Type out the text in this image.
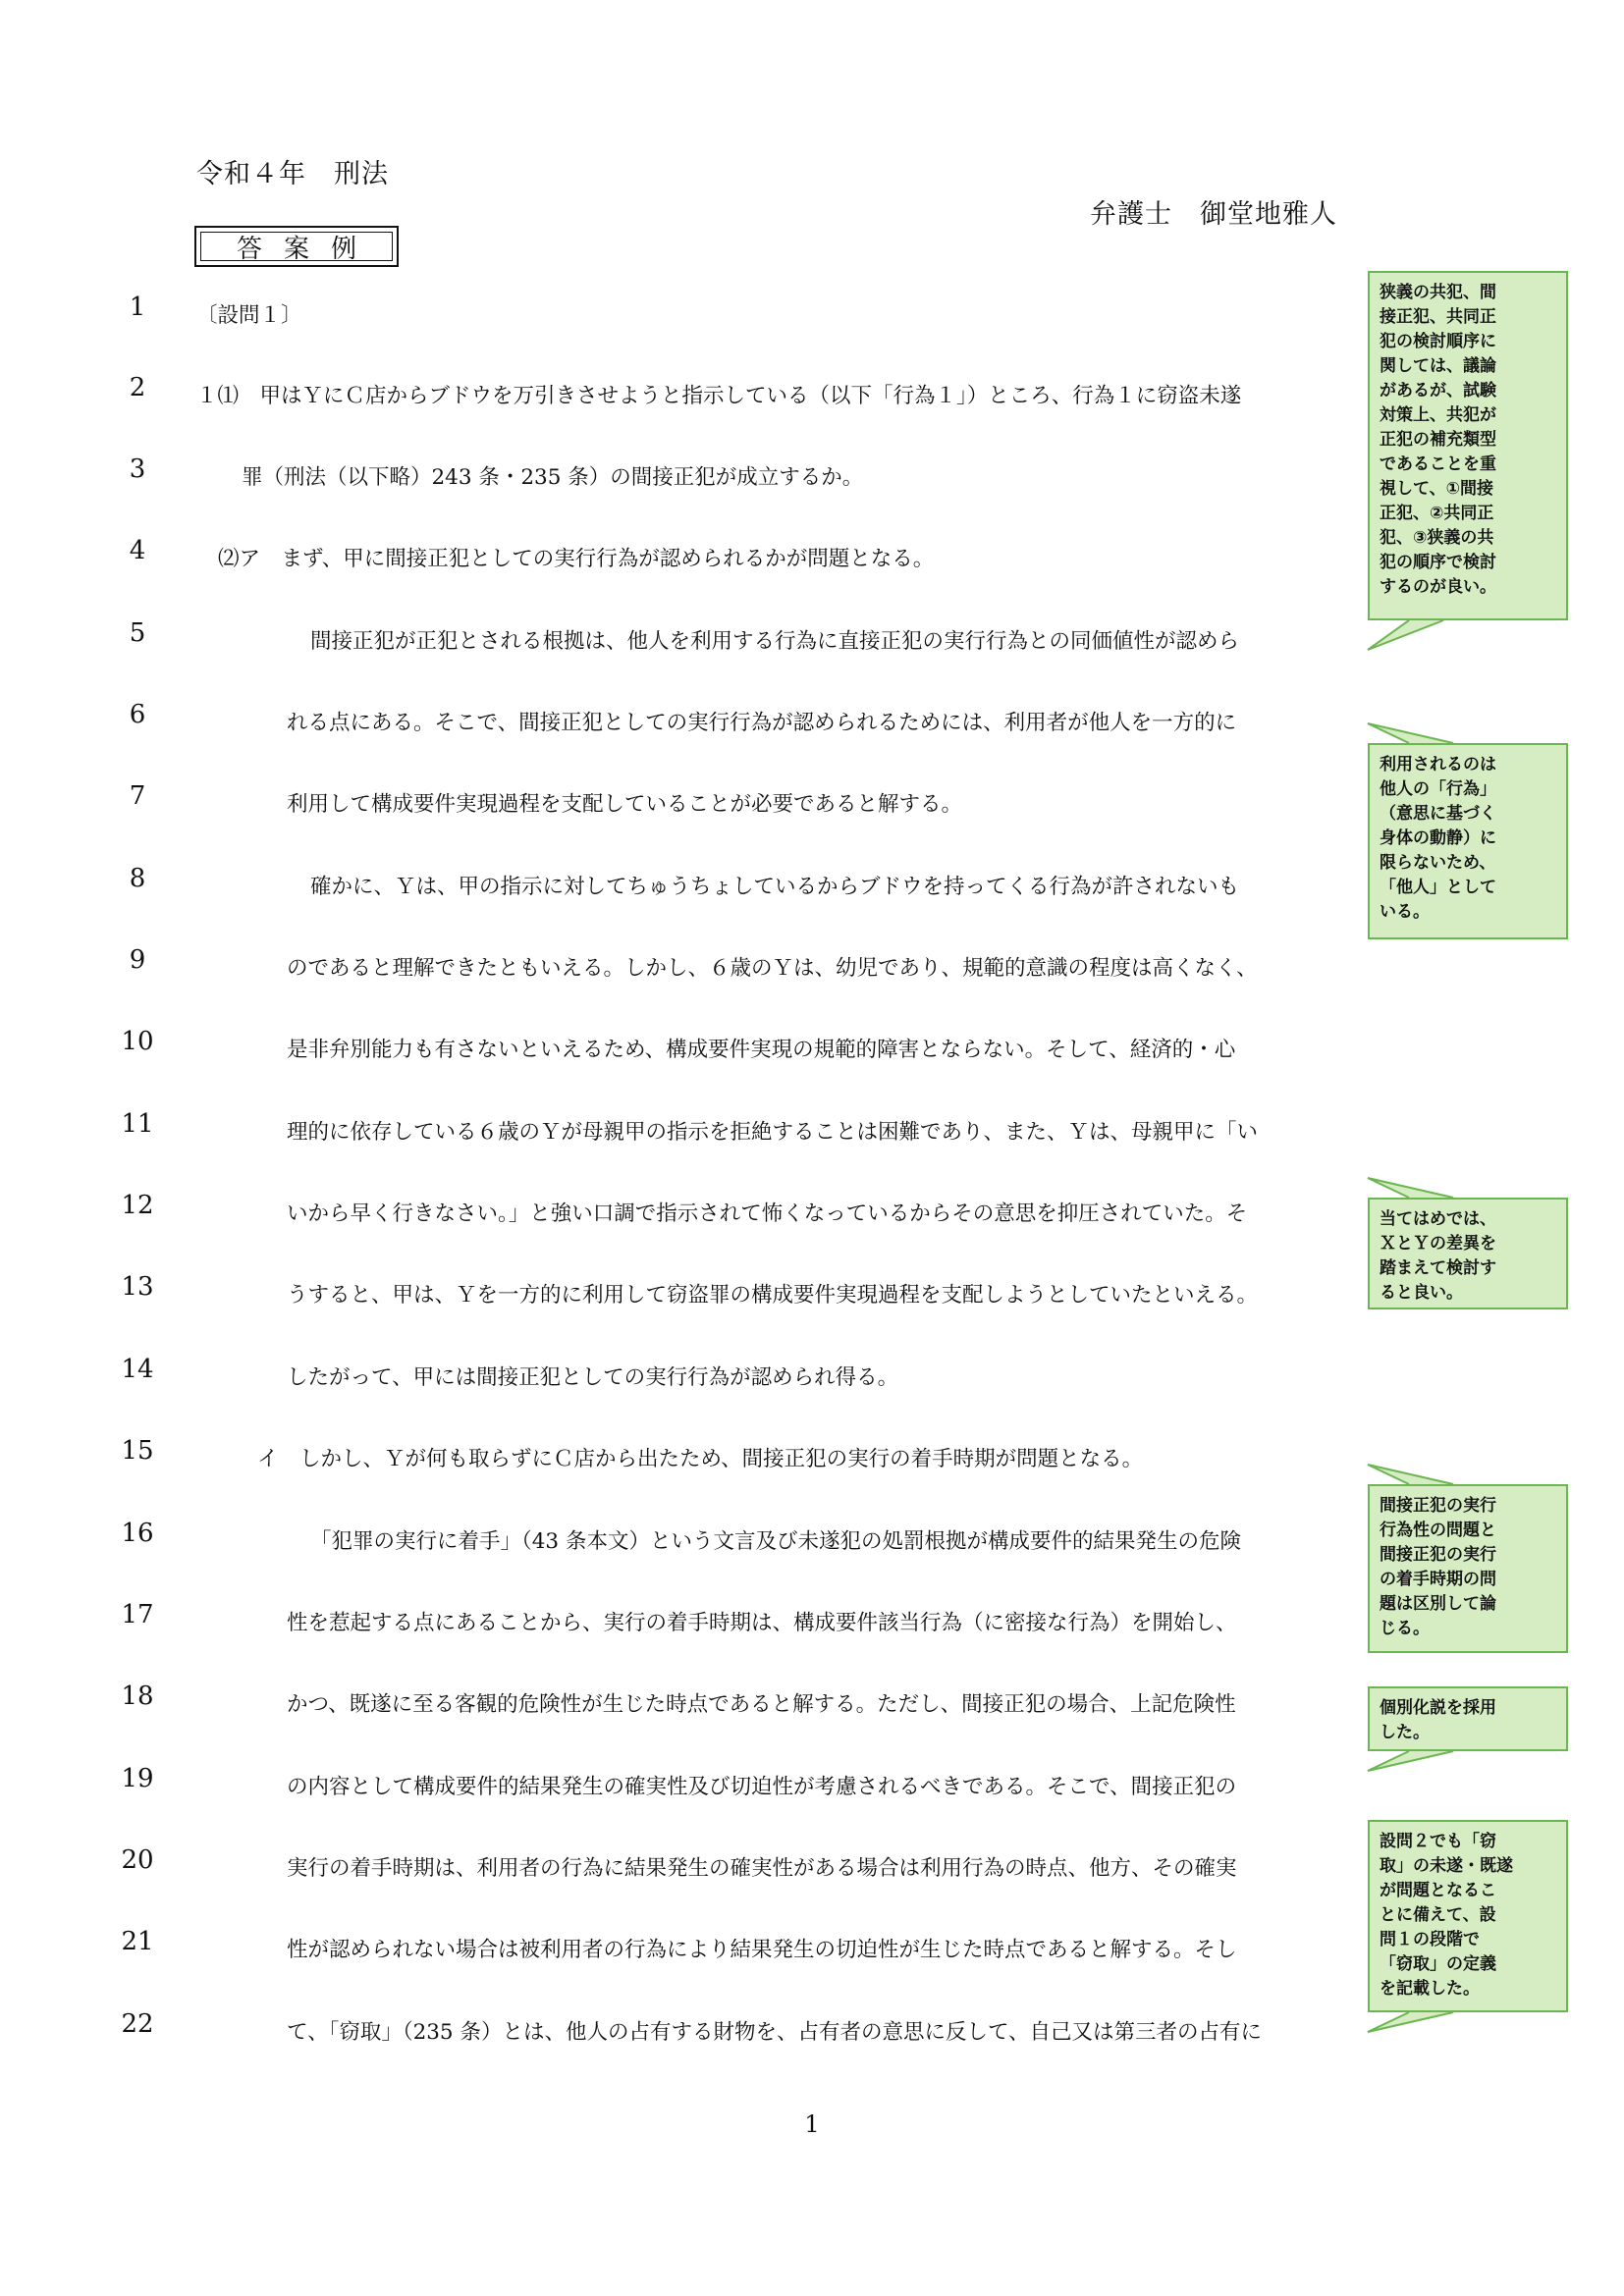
令和４年　刑法
弁護士　御堂地雅人
答案例
1	〔設問１〕
2	１⑴　甲はＹにＣ店からブドウを万引きさせようと指示している（以下「行為１」）ところ、行為１に窃盗未遂
3	罪（刑法（以下略）243 条・235 条）の間接正犯が成立するか。
4	⑵ア　まず、甲に間接正犯としての実行行為が認められるかが問題となる。
5	間接正犯が正犯とされる根拠は、他人を利用する行為に直接正犯の実行行為との同価値性が認めら
6	れる点にある。そこで、間接正犯としての実行行為が認められるためには、利用者が他人を一方的に
7	利用して構成要件実現過程を支配していることが必要であると解する。
8	確かに、Ｙは、甲の指示に対してちゅうちょしているからブドウを持ってくる行為が許されないも
9	のであると理解できたともいえる。しかし、６歳のＹは、幼児であり、規範的意識の程度は高くなく、
10	是非弁別能力も有さないといえるため、構成要件実現の規範的障害とならない。そして、経済的・心
11	理的に依存している６歳のＹが母親甲の指示を拒絶することは困難であり、また、Ｙは、母親甲に「い
12	いから早く行きなさい。」と強い口調で指示されて怖くなっているからその意思を抑圧されていた。そ
13	うすると、甲は、Ｙを一方的に利用して窃盗罪の構成要件実現過程を支配しようとしていたといえる。
14	したがって、甲には間接正犯としての実行行為が認められ得る。
15	イ　しかし、Ｙが何も取らずにＣ店から出たため、間接正犯の実行の着手時期が問題となる。
16	「犯罪の実行に着手」（43 条本文）という文言及び未遂犯の処罰根拠が構成要件的結果発生の危険
17	性を惹起する点にあることから、実行の着手時期は、構成要件該当行為（に密接な行為）を開始し、
18	かつ、既遂に至る客観的危険性が生じた時点であると解する。ただし、間接正犯の場合、上記危険性
19	の内容として構成要件的結果発生の確実性及び切迫性が考慮されるべきである。そこで、間接正犯の
20	実行の着手時期は、利用者の行為に結果発生の確実性がある場合は利用行為の時点、他方、その確実
21	性が認められない場合は被利用者の行為により結果発生の切迫性が生じた時点であると解する。そし
22	て、「窃取」（235 条）とは、他人の占有する財物を、占有者の意思に反して、自己又は第三者の占有に

狭義の共犯、間

接正犯、共同正

犯の検討順序に

関しては、議論

があるが、試験

対策上、共犯が

正犯の補充類型

であることを重

視して、①間接

正犯、②共同正

犯、③狭義の共

犯の順序で検討

するのが良い。

利用されるのは

他人の「行為」

（意思に基づく

身体の動静）に

限らないため、

「他人」として

いる。

当てはめでは、

ＸとＹの差異を

踏まえて検討す

ると良い。

間接正犯の実行

行為性の問題と

間接正犯の実行

の着手時期の問

題は区別して論

じる。

個別化説を採用

した。

設問２でも「窃

取」の未遂・既遂

が問題となるこ

とに備えて、設

問１の段階で

「窃取」の定義

を記載した。

1
